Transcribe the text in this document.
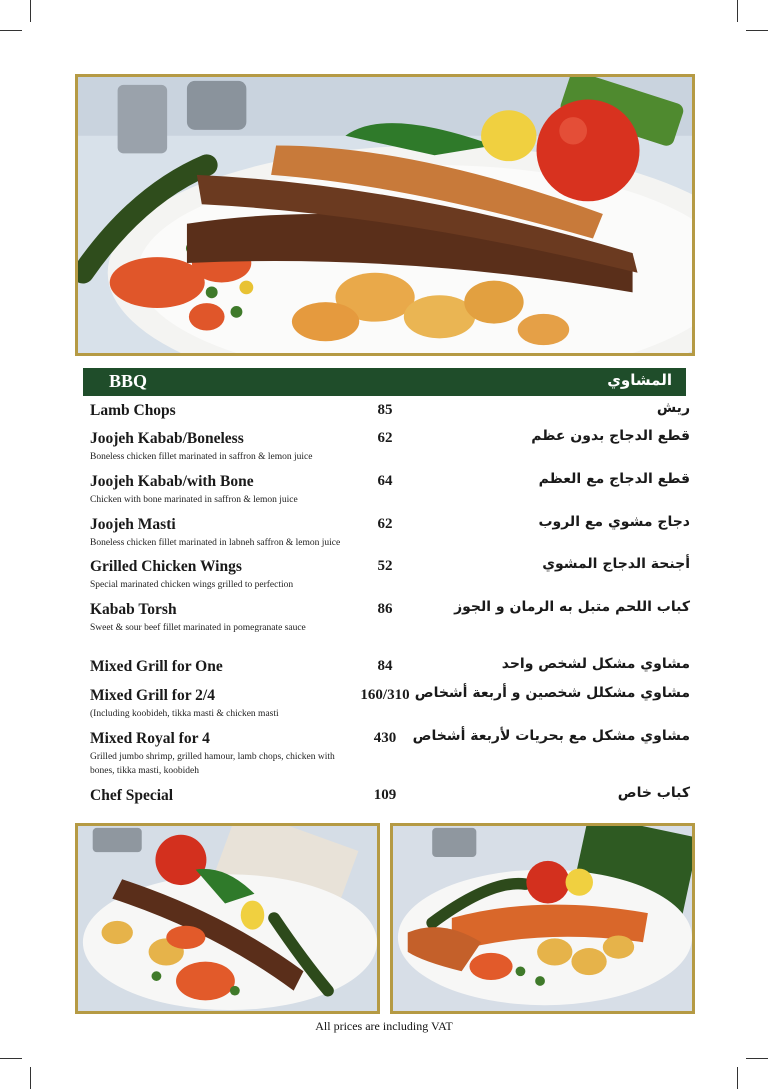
BBQ	المشاوي
Lamb Chops	85	ريش
Joojeh Kabab/Boneless
Boneless chicken fillet marinated in saffron & lemon juice
62	قطع الدجاج بدون عظم
Joojeh Kabab/with Bone
Chicken with bone marinated in saffron & lemon juice
64	قطع الدجاج مع العظم
Joojeh Masti
Boneless chicken fillet marinated in labneh saffron & lemon juice
62	دجاج مشوي مع الروب
Grilled Chicken Wings
Special marinated chicken wings grilled to perfection
52	أجنحة الدجاج المشوي
Kabab Torsh
Sweet & sour beef fillet marinated in pomegranate sauce
86	كباب اللحم متبل به الرمان و الجوز
Mixed Grill for One	84	مشاوي مشكل لشخص واحد
Mixed Grill for 2/4
(Including koobideh, tikka masti & chicken masti
160/310 مشاوي مشكلل شخصين و أربعة أشخاص
Mixed Royal for 4
Grilled jumbo shrimp, grilled hamour, lamb chops, chicken with bones, tikka masti, koobideh
430	مشاوي مشكل مع بحريات لأربعة أشخاص
Chef Special	109	كباب خاص
All prices are including VAT
